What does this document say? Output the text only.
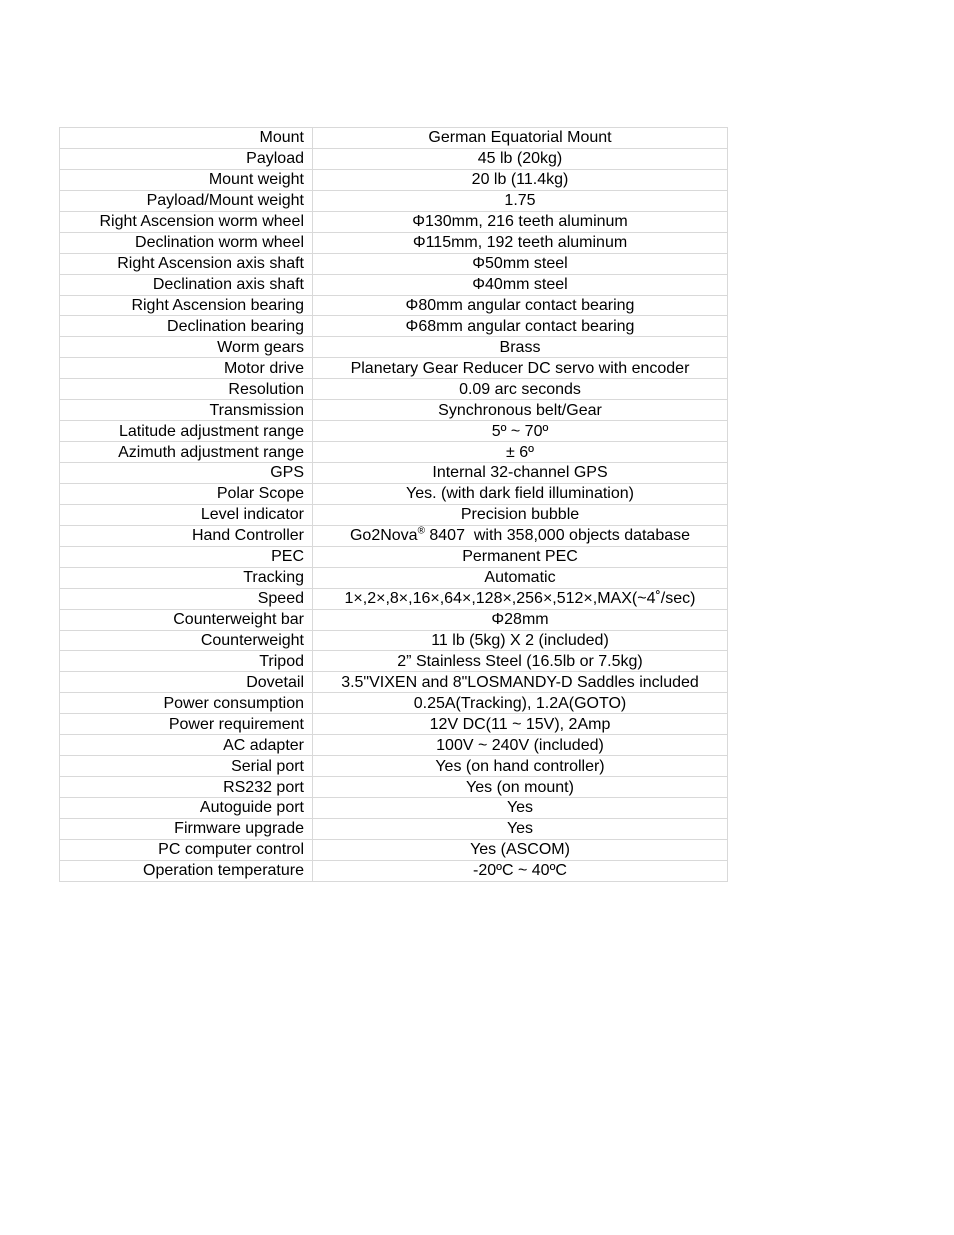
Mount	German Equatorial Mount
Payload	45 lb (20kg)
Mount weight	20 lb (11.4kg)
Payload/Mount weight	1.75
Right Ascension worm wheel	Φ130mm, 216 teeth aluminum
Declination worm wheel	Φ115mm, 192 teeth aluminum
Right Ascension axis shaft	Φ50mm steel
Declination axis shaft	Φ40mm steel
Right Ascension bearing	Φ80mm angular contact bearing
Declination bearing	Φ68mm angular contact bearing
Worm gears	Brass
Motor drive	Planetary Gear Reducer DC servo with encoder
Resolution	0.09 arc seconds
Transmission	Synchronous belt/Gear
Latitude adjustment range	5º ~ 70º
Azimuth adjustment range	± 6º
GPS	Internal 32-channel GPS
Polar Scope	Yes. (with dark field illumination)
Level indicator	Precision bubble
Hand Controller	Go2Nova® 8407  with 358,000 objects database
PEC	Permanent PEC
Tracking	Automatic
Speed	1×,2×,8×,16×,64×,128×,256×,512×,MAX(~4˚/sec)
Counterweight bar	Φ28mm
Counterweight	11 lb (5kg) X 2 (included)
Tripod	2” Stainless Steel (16.5lb or 7.5kg)
Dovetail	3.5"VIXEN and 8"LOSMANDY-D Saddles included
Power consumption	0.25A(Tracking), 1.2A(GOTO)
Power requirement	12V DC(11 ~ 15V), 2Amp
AC adapter	100V ~ 240V (included)
Serial port	Yes (on hand controller)
RS232 port	Yes (on mount)
Autoguide port	Yes
Firmware upgrade	Yes
PC computer control	Yes (ASCOM)
Operation temperature	-20ºC ~ 40ºC
